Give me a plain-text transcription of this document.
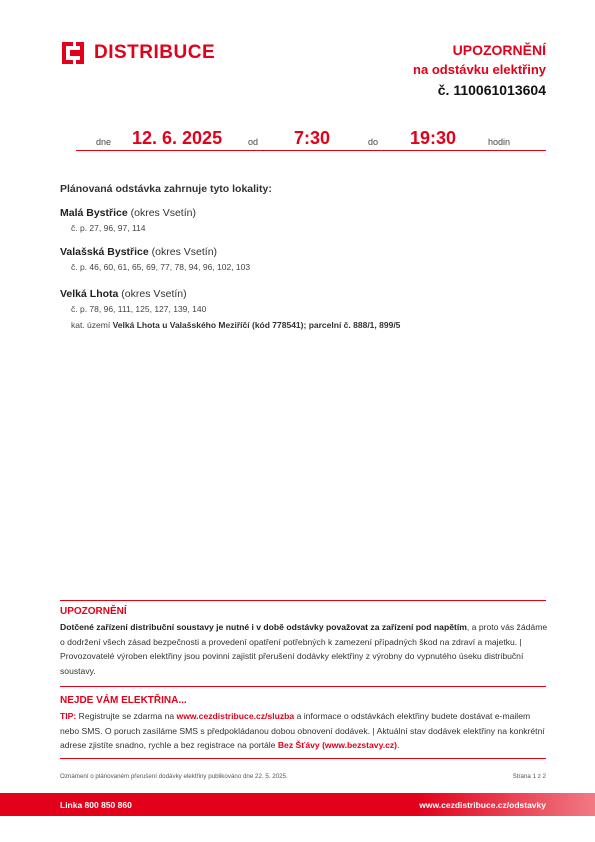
DISTRIBUCE	UPOZORNĚNÍ
na odstávku elektřiny
č. 110061013604
dne 12. 6. 2025	od 7:30	do 19:30	hodin
Plánovaná odstávka zahrnuje tyto lokality:
Malá Bystřice (okres Vsetín)
č. p. 27, 96, 97, 114
Valašská Bystřice (okres Vsetín)
č. p. 46, 60, 61, 65, 69, 77, 78, 94, 96, 102, 103
Velká Lhota (okres Vsetín)
č. p. 78, 96, 111, 125, 127, 139, 140
kat. území Velká Lhota u Valašského Meziříčí (kód 778541); parcelní č. 888/1, 899/5
UPOZORNĚNÍ
Dotčené zařízení distribuční soustavy je nutné i v době odstávky považovat za zařízení pod napětím, a proto vás žádáme o dodržení všech zásad bezpečnosti a provedení opatření potřebných k zamezení případných škod na zdraví a majetku. | Provozovatelé výroben elektřiny jsou povinni zajistit přerušení dodávky elektřiny z výrobny do vypnutého úseku distribuční soustavy.
NEJDE VÁM ELEKTŘINA...
TIP: Registrujte se zdarma na www.cezdistribuce.cz/sluzba a informace o odstávkách elektřiny budete dostávat e-mailem nebo SMS. O poruch zasíláme SMS s předpokládanou dobou obnovení dodávek. | Aktuální stav dodávek elektřiny na konkrétní adrese zjistíte snadno, rychle a bez registrace na portále Bez Šťávy (www.bezstavy.cz).
Oznámení o plánovaném přerušení dodávky elektřiny publikováno dne 22. 5. 2025.	Strana 1 z 2
Linka 800 850 860	www.cezdistribuce.cz/odstavky
